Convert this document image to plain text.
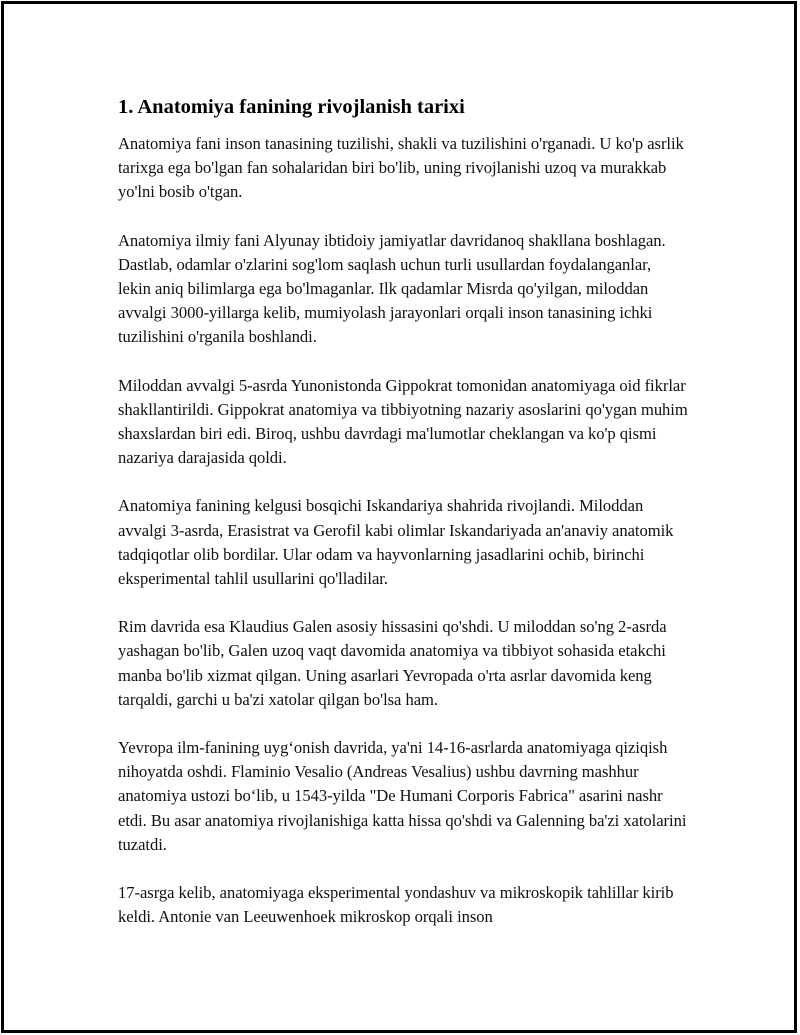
1. Anatomiya fanining rivojlanish tarixi

Anatomiya fani inson tanasining tuzilishi, shakli va tuzilishini o'rganadi. U ko'p asrlik tarixga ega bo'lgan fan sohalaridan biri bo'lib, uning rivojlanishi uzoq va murakkab yo'lni bosib o'tgan.

Anatomiya ilmiy fani Alyunay ibtidoiy jamiyatlar davridanoq shakllana boshlagan. Dastlab, odamlar o'zlarini sog'lom saqlash uchun turli usullardan foydalanganlar, lekin aniq bilimlarga ega bo'lmaganlar. Ilk qadamlar Misrda qo'yilgan, miloddan avvalgi 3000-yillarga kelib, mumiyolash jarayonlari orqali inson tanasining ichki tuzilishini o'rganila boshlandi.

Miloddan avvalgi 5-asrda Yunonistonda Gippokrat tomonidan anatomiyaga oid fikrlar shakllantirildi. Gippokrat anatomiya va tibbiyotning nazariy asoslarini qo'ygan muhim shaxslardan biri edi. Biroq, ushbu davrdagi ma'lumotlar cheklangan va ko'p qismi nazariya darajasida qoldi.

Anatomiya fanining kelgusi bosqichi Iskandariya shahrida rivojlandi. Miloddan avvalgi 3-asrda, Erasistrat va Gerofil kabi olimlar Iskandariyada an'anaviy anatomik tadqiqotlar olib bordilar. Ular odam va hayvonlarning jasadlarini ochib, birinchi eksperimental tahlil usullarini qo'lladilar.

Rim davrida esa Klaudius Galen asosiy hissasini qo'shdi. U miloddan so'ng 2-asrda yashagan bo'lib, Galen uzoq vaqt davomida anatomiya va tibbiyot sohasida etakchi manba bo'lib xizmat qilgan. Uning asarlari Yevropada o'rta asrlar davomida keng tarqaldi, garchi u ba'zi xatolar qilgan bo'lsa ham.

Yevropa ilm-fanining uyg‘onish davrida, ya'ni 14-16-asrlarda anatomiyaga qiziqish nihoyatda oshdi. Flaminio Vesalio (Andreas Vesalius) ushbu davrning mashhur anatomiya ustozi bo‘lib, u 1543-yilda "De Humani Corporis Fabrica" asarini nashr etdi. Bu asar anatomiya rivojlanishiga katta hissa qo'shdi va Galenning ba'zi xatolarini tuzatdi.

17-asrga kelib, anatomiyaga eksperimental yondashuv va mikroskopik tahlillar kirib keldi. Antonie van Leeuwenhoek mikroskop orqali inson
